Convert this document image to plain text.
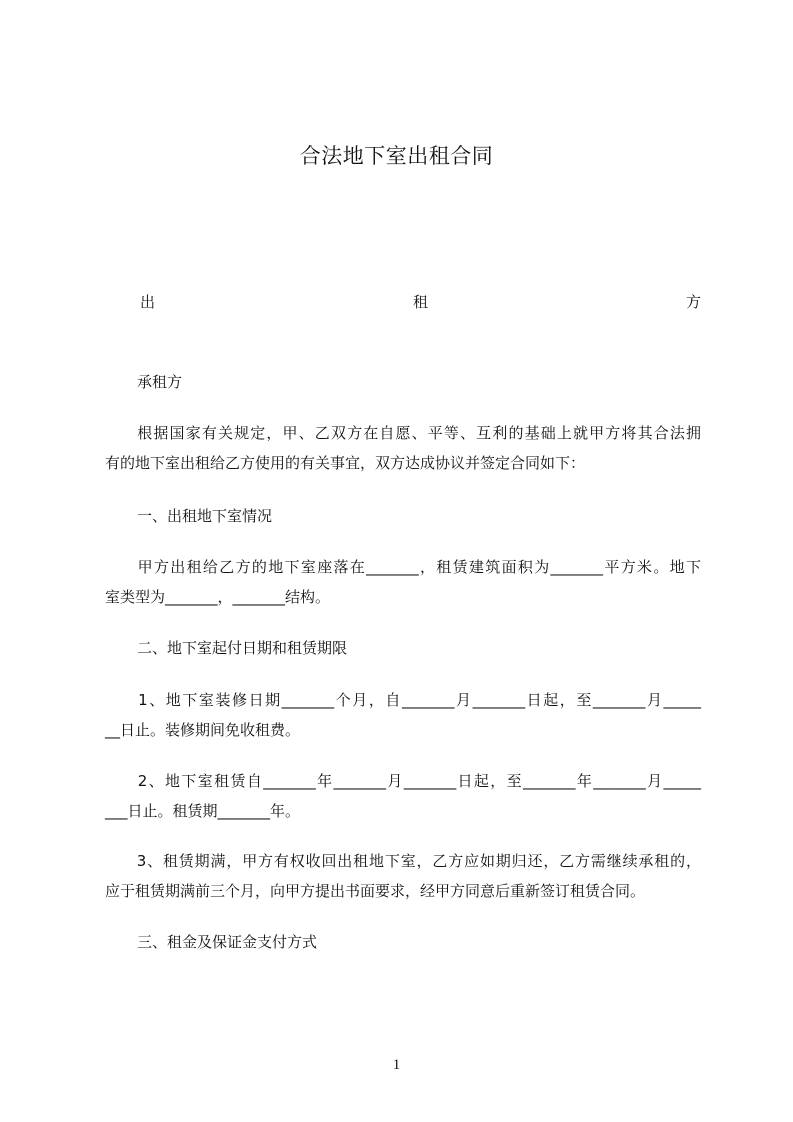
合法地下室出租合同
出	租	方

承租方

　　根据国家有关规定，甲、乙双方在自愿、平等、互利的基础上就甲方将其合法拥
有的地下室出租给乙方使用的有关事宜，双方达成协议并签定合同如下：

一、出租地下室情况

　　甲方出租给乙方的地下室座落在_______，租赁建筑面积为_______平方米。地下
室类型为_______，_______结构。

二、地下室起付日期和租赁期限

　　1、地下室装修日期_______个月，自_______月_______日起，至_______月_____
__日止。装修期间免收租费。
　　2、地下室租赁自_______年_______月_______日起，至_______年_______月_____
___日止。租赁期_______年。
　　3、租赁期满，甲方有权收回出租地下室，乙方应如期归还，乙方需继续承租的，
应于租赁期满前三个月，向甲方提出书面要求，经甲方同意后重新签订租赁合同。

三、租金及保证金支付方式

1
